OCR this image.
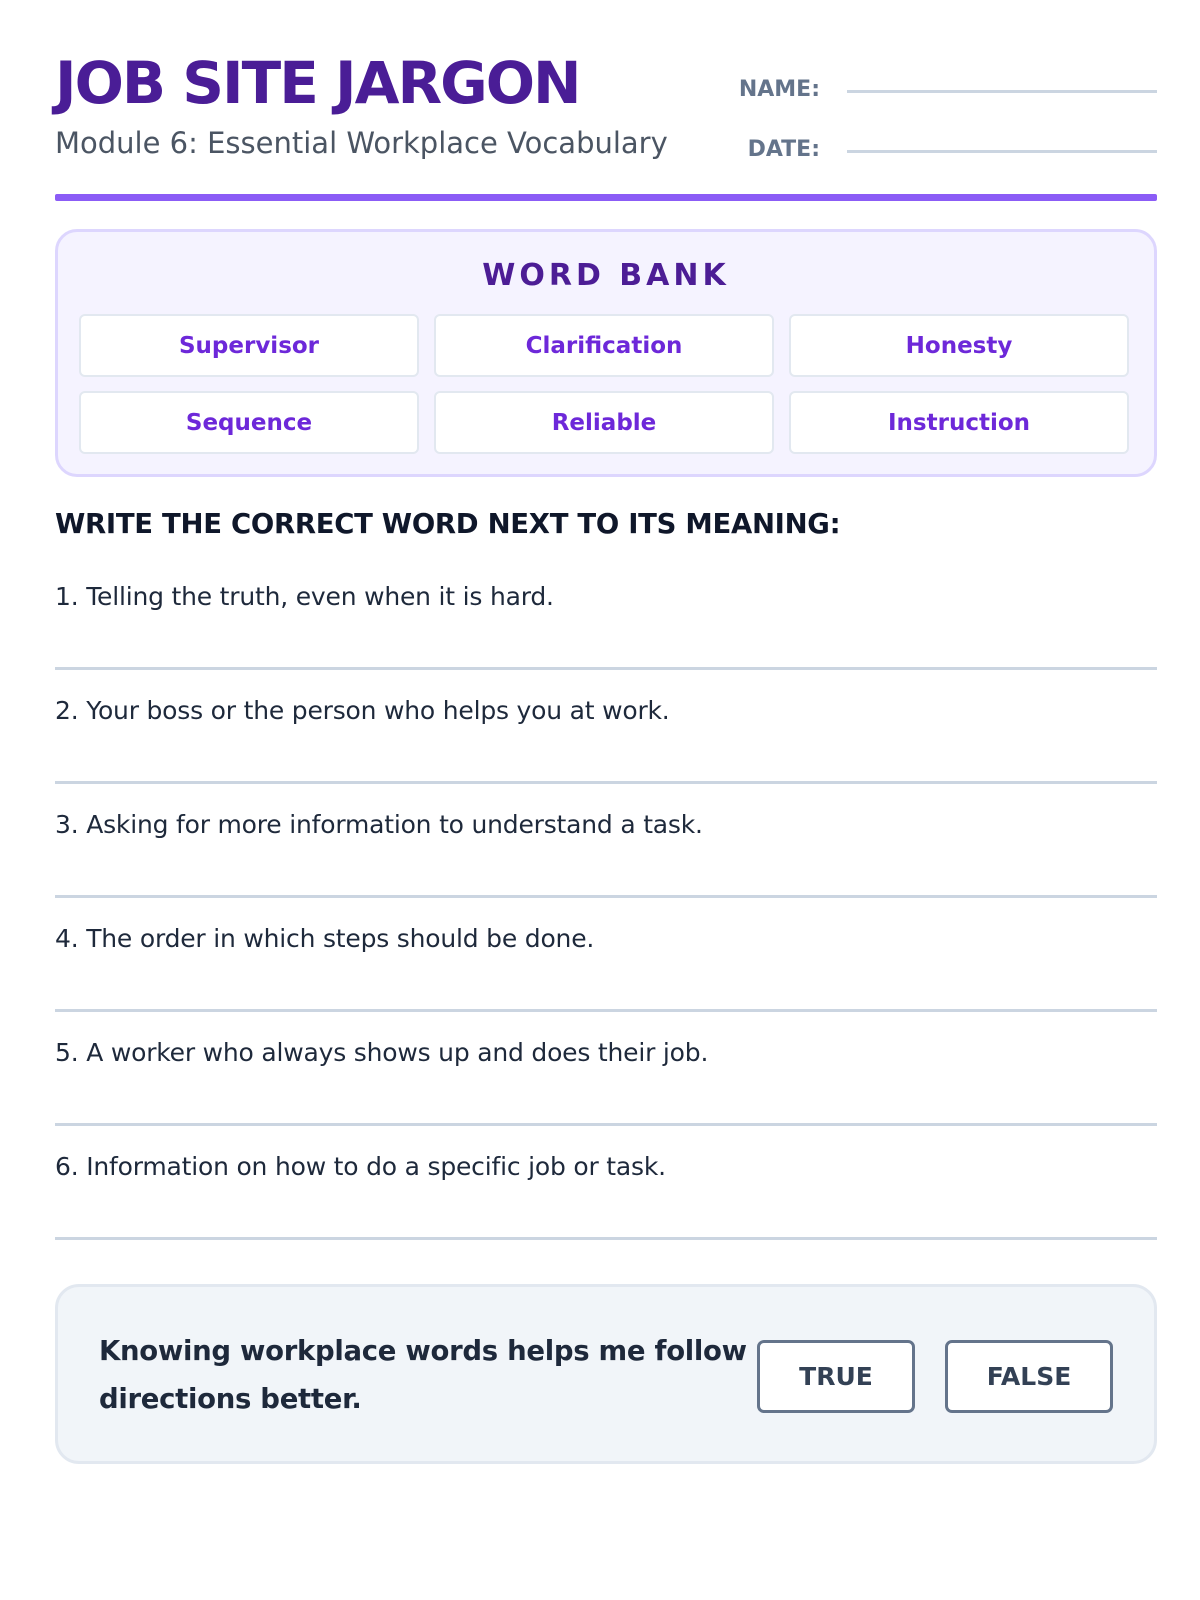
JOB SITE JARGON
Module 6: Essential Workplace Vocabulary
NAME:
DATE:
WORD BANK
Supervisor	Clarification	Honesty
Sequence	Reliable	Instruction
WRITE THE CORRECT WORD NEXT TO ITS MEANING:
1. Telling the truth, even when it is hard.
2. Your boss or the person who helps you at work.
3. Asking for more information to understand a task.
4. The order in which steps should be done.
5. A worker who always shows up and does their job.
6. Information on how to do a specific job or task.
Knowing workplace words helps me follow directions better.
TRUE	FALSE
